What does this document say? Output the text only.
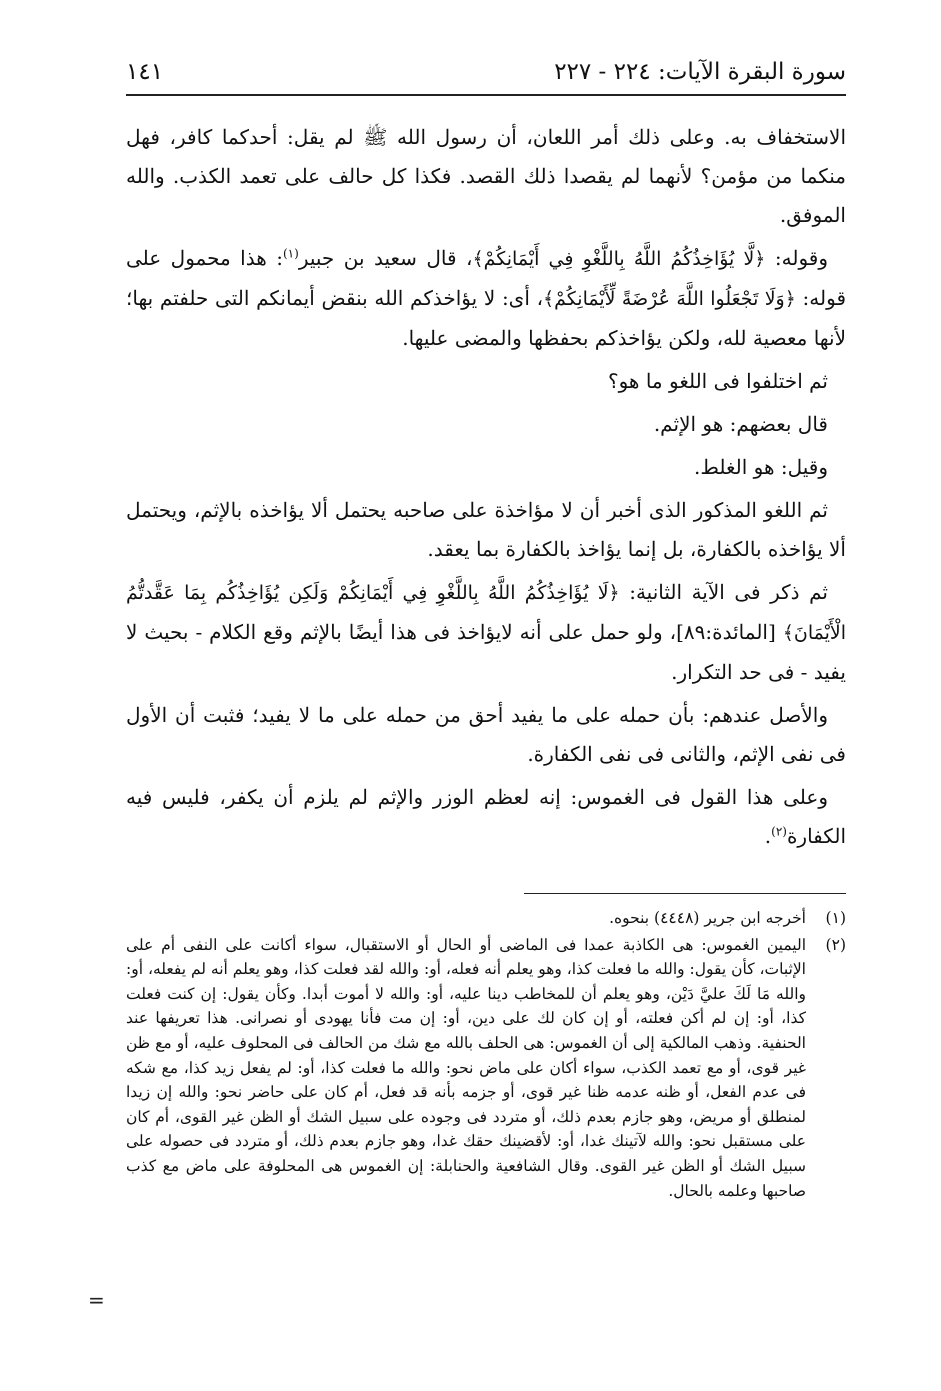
سورة البقرة الآيات: ٢٢٤ - ٢٢٧
١٤١

الاستخفاف به. وعلى ذلك أمر اللعان، أن رسول الله ﷺ لم يقل: أحدكما كافر، فهل منكما من مؤمن؟ لأنهما لم يقصدا ذلك القصد. فكذا كل حالف على تعمد الكذب. والله الموفق.

وقوله: ﴿لَّا يُؤَاخِذُكُمُ اللَّهُ بِاللَّغْوِ فِي أَيْمَانِكُمْ﴾، قال سعيد بن جبير$^{(١)}$: هذا محمول على قوله: ﴿وَلَا تَجْعَلُوا اللَّهَ عُرْضَةً لِّأَيْمَانِكُمْ﴾، أى: لا يؤاخذكم الله بنقض أيمانكم التى حلفتم بها؛ لأنها معصية لله، ولكن يؤاخذكم بحفظها والمضى عليها.

ثم اختلفوا فى اللغو ما هو؟

قال بعضهم: هو الإثم.

وقيل: هو الغلط.

ثم اللغو المذكور الذى أخبر أن لا مؤاخذة على صاحبه يحتمل ألا يؤاخذه بالإثم، ويحتمل ألا يؤاخذه بالكفارة، بل إنما يؤاخذ بالكفارة بما يعقد.

ثم ذكر فى الآية الثانية: ﴿لَا يُؤَاخِذُكُمُ اللَّهُ بِاللَّغْوِ فِي أَيْمَانِكُمْ وَلَكِن يُؤَاخِذُكُم بِمَا عَقَّدتُّمُ الْأَيْمَانَ﴾ [المائدة:٨٩]، ولو حمل على أنه لايؤاخذ فى هذا أيضًا بالإثم وقع الكلام - بحيث لا يفيد - فى حد التكرار.

والأصل عندهم: بأن حمله على ما يفيد أحق من حمله على ما لا يفيد؛ فثبت أن الأول فى نفى الإثم، والثانى فى نفى الكفارة.

وعلى هذا القول فى الغموس: إنه لعظم الوزر والإثم لم يلزم أن يكفر، فليس فيه الكفارة$^{(٢)}$.

(١)
أخرجه ابن جرير (٤٤٤٨) بنحوه.
(٢)
اليمين الغموس: هى الكاذبة عمدا فى الماضى أو الحال أو الاستقبال، سواء أكانت على النفى أم على الإثبات، كأن يقول: والله ما فعلت كذا، وهو يعلم أنه فعله، أو: والله لقد فعلت كذا، وهو يعلم أنه لم يفعله، أو: والله مَا لَكَ عليَّ دَيْن، وهو يعلم أن للمخاطب دينا عليه، أو: والله لا أموت أبدا. وكأن يقول: إن كنت فعلت كذا، أو: إن لم أكن فعلته، أو إن كان لك على دين، أو: إن مت فأنا يهودى أو نصرانى. هذا تعريفها عند الحنفية. وذهب المالكية إلى أن الغموس: هى الحلف بالله مع شك من الحالف فى المحلوف عليه، أو مع ظن غير قوى، أو مع تعمد الكذب، سواء أكان على ماض نحو: والله ما فعلت كذا، أو: لم يفعل زيد كذا، مع شكه فى عدم الفعل، أو ظنه عدمه ظنا غير قوى، أو جزمه بأنه قد فعل، أم كان على حاضر نحو: والله إن زيدا لمنطلق أو مريض، وهو جازم بعدم ذلك، أو متردد فى وجوده على سبيل الشك أو الظن غير القوى، أم كان على مستقبل نحو: والله لآتينك غدا، أو: لأقضينك حقك غدا، وهو جازم بعدم ذلك، أو متردد فى حصوله على سبيل الشك أو الظن غير القوى. وقال الشافعية والحنابلة: إن الغموس هى المحلوفة على ماض مع كذب صاحبها وعلمه بالحال.
=
